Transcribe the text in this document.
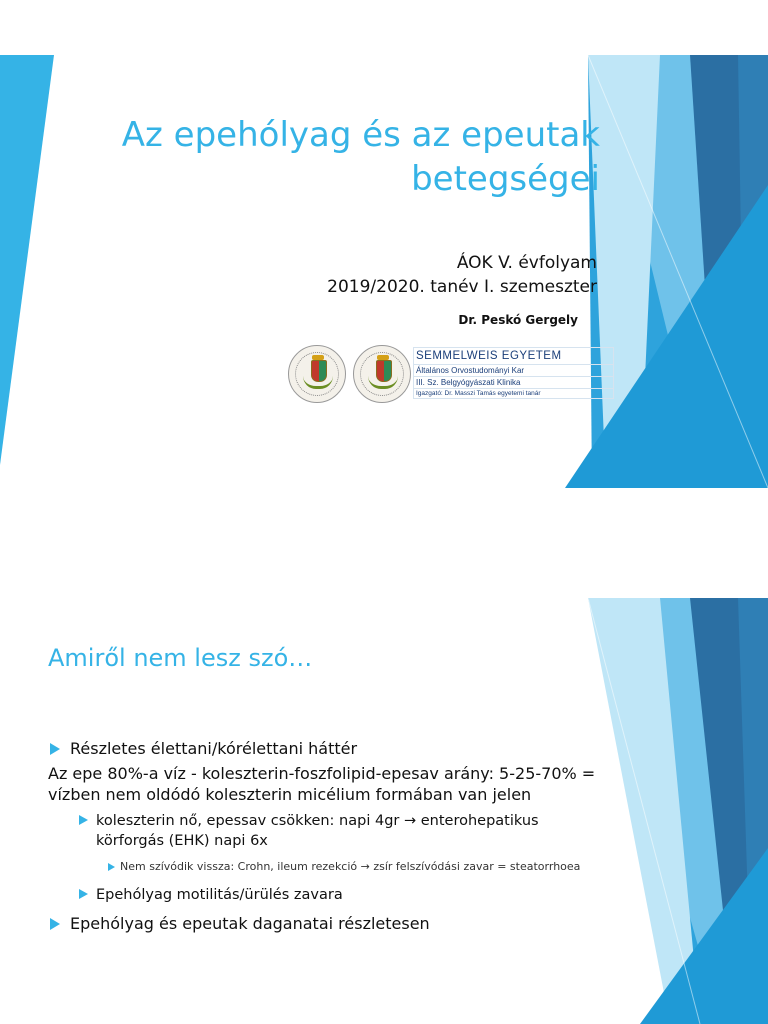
Az epehólyag és az epeutak
betegségei
ÁOK V. évfolyam
2019/2020. tanév I. szemeszter
Dr. Peskó Gergely
SEMMELWEIS EGYETEM
Általános Orvostudományi Kar
III. Sz. Belgyógyászati Klinika
Igazgató: Dr. Masszi Tamás egyetemi tanár
Amiről nem lesz szó…
Részletes élettani/kórélettani háttér
Az epe 80%-a víz - koleszterin-foszfolipid-epesav arány: 5-25-70% = vízben nem oldódó koleszterin micélium formában van jelen
koleszterin nő, epessav csökken: napi 4gr → enterohepatikus körforgás (EHK) napi 6x
Nem szívódik vissza: Crohn, ileum rezekció → zsír felszívódási zavar = steatorrhoea
Epehólyag motilitás/ürülés zavara
Epehólyag és epeutak daganatai részletesen
